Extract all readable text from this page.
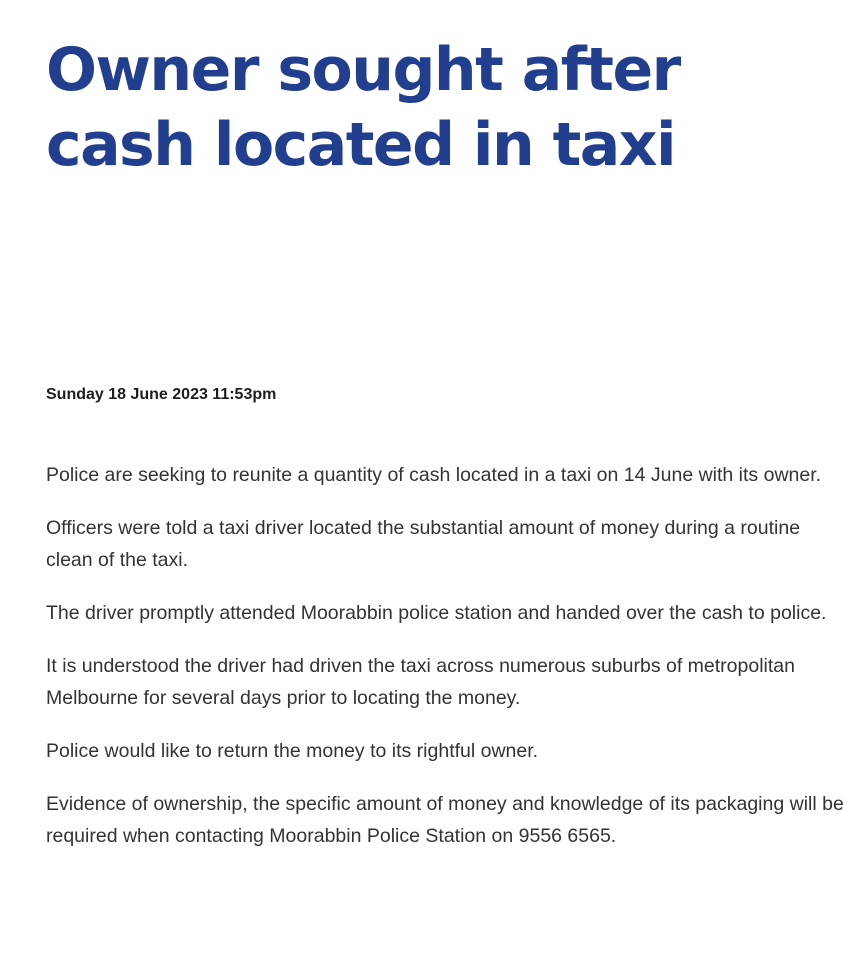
Owner sought after
cash located in taxi

Sunday 18 June 2023 11:53pm

Police are seeking to reunite a quantity of cash located in a taxi on 14 June with its owner.

Officers were told a taxi driver located the substantial amount of money during a routine clean of the taxi.

The driver promptly attended Moorabbin police station and handed over the cash to police.

It is understood the driver had driven the taxi across numerous suburbs of metropolitan Melbourne for several days prior to locating the money.

Police would like to return the money to its rightful owner.

Evidence of ownership, the specific amount of money and knowledge of its packaging will be required when contacting Moorabbin Police Station on 9556 6565.
